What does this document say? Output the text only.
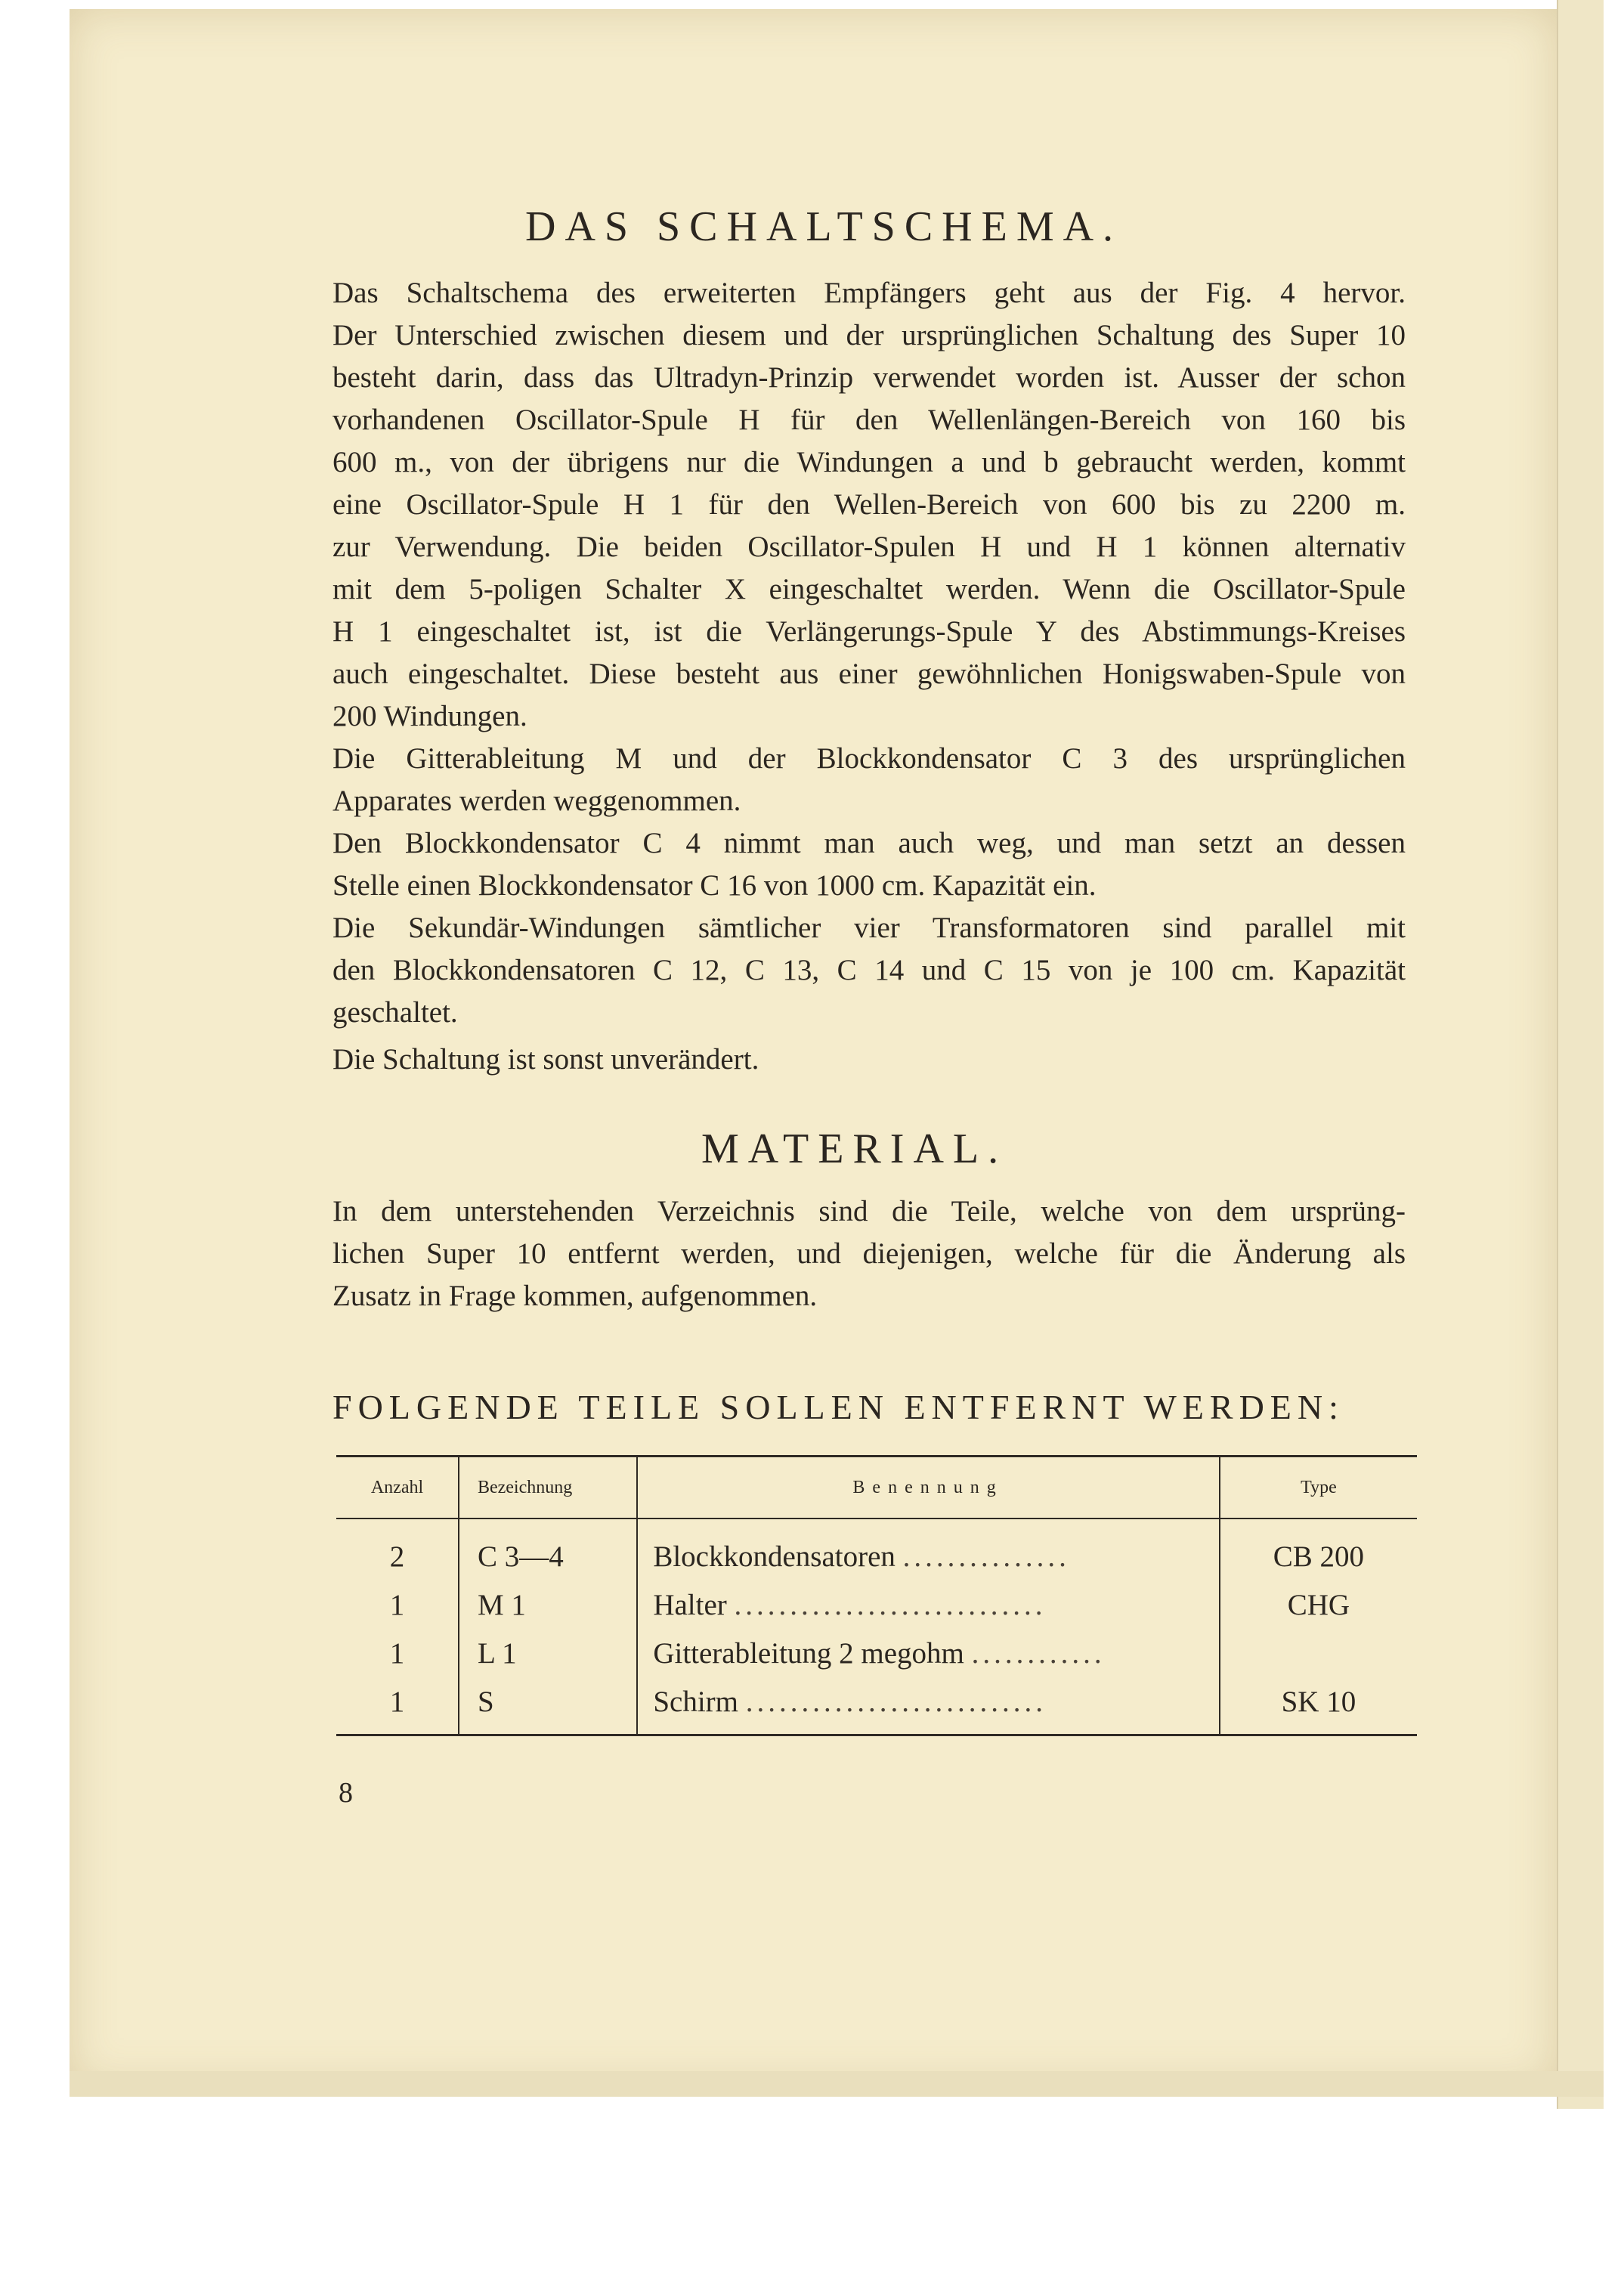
DAS SCHALTSCHEMA.
Das Schaltschema des erweiterten Empfängers geht aus der Fig. 4 hervor.
Der Unterschied zwischen diesem und der ursprünglichen Schaltung des Super 10
besteht darin, dass das Ultradyn-Prinzip verwendet worden ist. Ausser der schon
vorhandenen Oscillator-Spule H für den Wellenlängen-Bereich von 160 bis
600 m., von der übrigens nur die Windungen a und b gebraucht werden, kommt
eine Oscillator-Spule H 1 für den Wellen-Bereich von 600 bis zu 2200 m.
zur Verwendung. Die beiden Oscillator-Spulen H und H 1 können alternativ
mit dem 5-poligen Schalter X eingeschaltet werden. Wenn die Oscillator-Spule
H 1 eingeschaltet ist, ist die Verlängerungs-Spule Y des Abstimmungs-Kreises
auch eingeschaltet. Diese besteht aus einer gewöhnlichen Honigswaben-Spule von
200 Windungen.
Die Gitterableitung M und der Blockkondensator C 3 des ursprünglichen
Apparates werden weggenommen.
Den Blockkondensator C 4 nimmt man auch weg, und man setzt an dessen
Stelle einen Blockkondensator C 16 von 1000 cm. Kapazität ein.
Die Sekundär-Windungen sämtlicher vier Transformatoren sind parallel mit
den Blockkondensatoren C 12, C 13, C 14 und C 15 von je 100 cm. Kapazität
geschaltet.
Die Schaltung ist sonst unverändert.
MATERIAL.
In dem unterstehenden Verzeichnis sind die Teile, welche von dem ursprüng-
lichen Super 10 entfernt werden, und diejenigen, welche für die Änderung als
Zusatz in Frage kommen, aufgenommen.
FOLGENDE TEILE SOLLEN ENTFERNT WERDEN:
Anzahl	Bezeichnung	Benennung	Type
2	C 3—4	Blockkondensatoren ...............	CB 200
1	M 1	Halter ............................	CHG
1	L 1	Gitterableitung 2 megohm ............	
1	S	Schirm ...........................	SK 10
8
